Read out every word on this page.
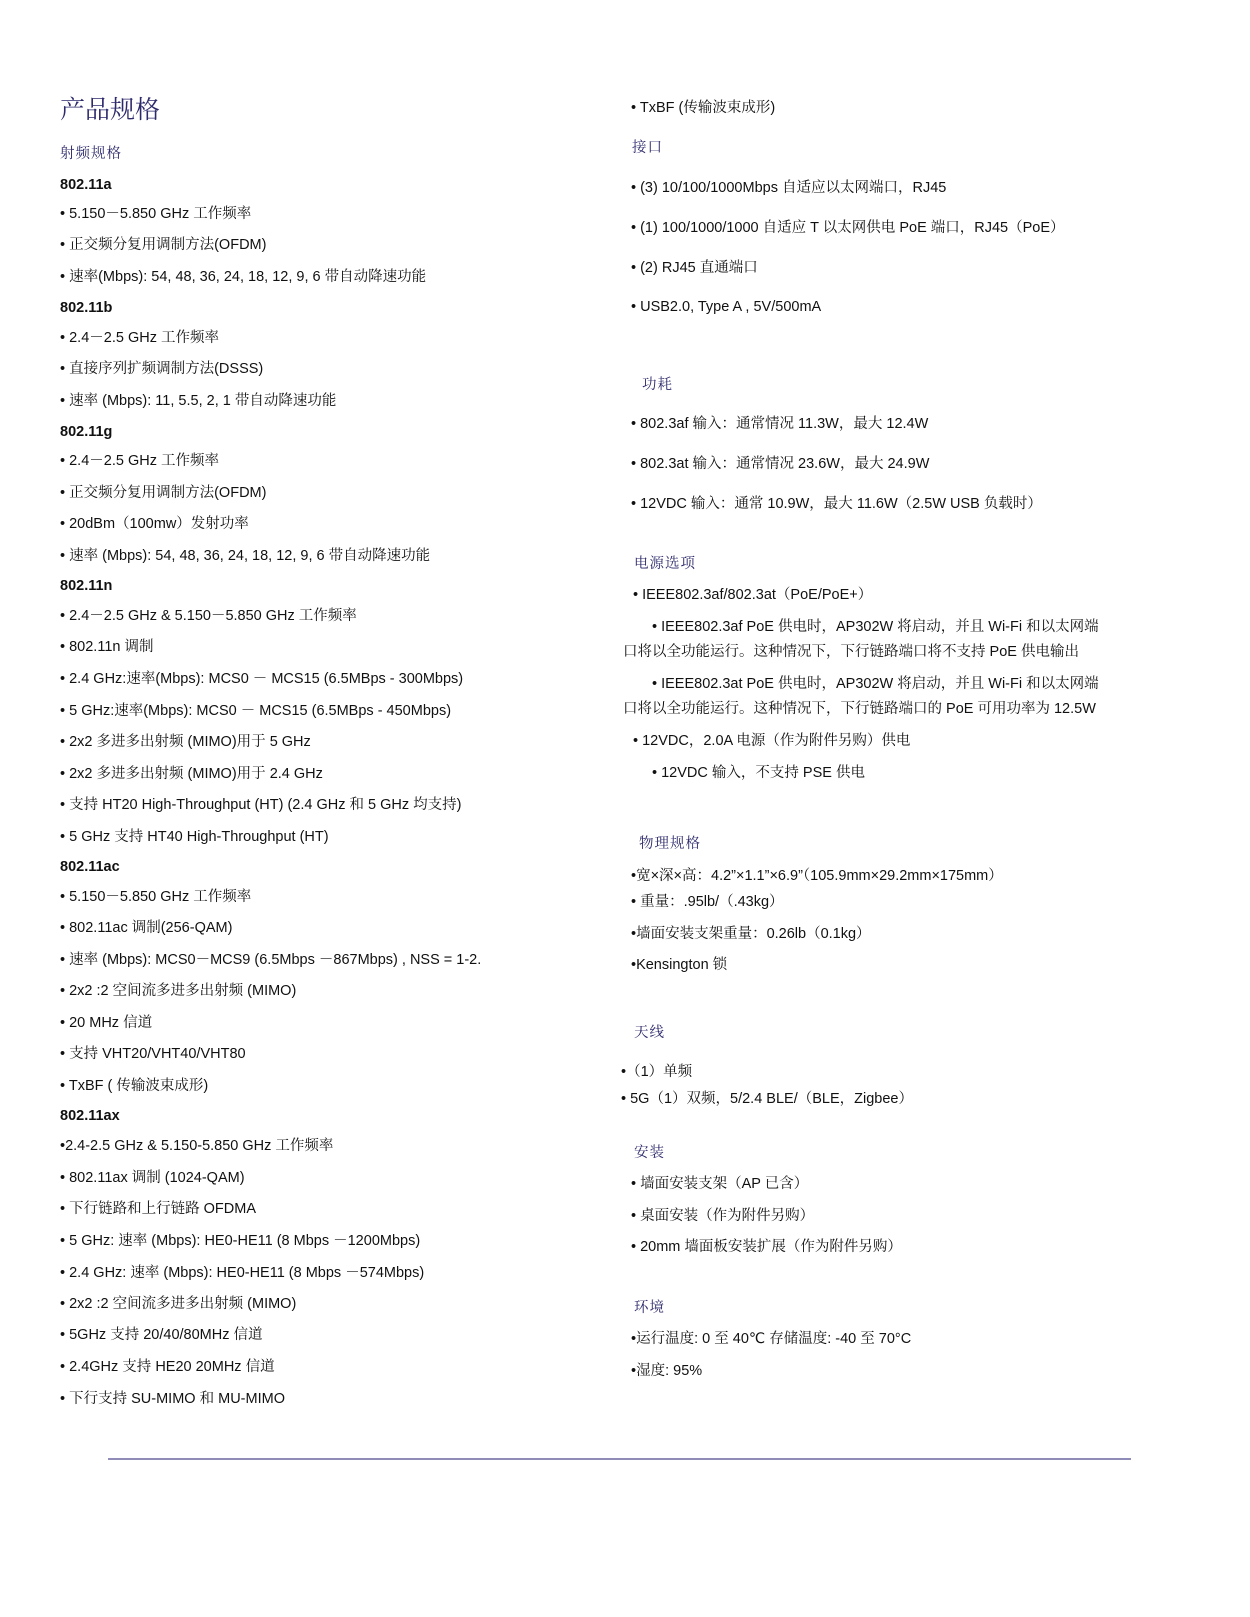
产品规格
射频规格
802.11a
• 5.150－5.850 GHz 工作频率
• 正交频分复用调制方法(OFDM)
• 速率(Mbps): 54, 48, 36, 24, 18, 12, 9, 6 带自动降速功能
802.11b
• 2.4－2.5 GHz 工作频率
• 直接序列扩频调制方法(DSSS)
• 速率 (Mbps): 11, 5.5, 2, 1 带自动降速功能
802.11g
• 2.4－2.5 GHz 工作频率
• 正交频分复用调制方法(OFDM)
• 20dBm（100mw）发射功率
• 速率 (Mbps): 54, 48, 36, 24, 18, 12, 9, 6 带自动降速功能
802.11n
• 2.4－2.5 GHz & 5.150－5.850 GHz 工作频率
• 802.11n 调制
• 2.4 GHz:速率(Mbps): MCS0 － MCS15 (6.5MBps - 300Mbps)
• 5 GHz:速率(Mbps): MCS0 － MCS15 (6.5MBps - 450Mbps)
• 2x2 多进多出射频 (MIMO)用于 5 GHz
• 2x2 多进多出射频 (MIMO)用于 2.4 GHz
• 支持 HT20 High-Throughput (HT) (2.4 GHz 和 5 GHz 均支持)
• 5 GHz 支持 HT40 High-Throughput (HT)
802.11ac
• 5.150－5.850 GHz 工作频率
• 802.11ac 调制(256-QAM)
• 速率 (Mbps): MCS0－MCS9 (6.5Mbps －867Mbps) , NSS = 1-2.
• 2x2 :2 空间流多进多出射频 (MIMO)
• 20 MHz 信道
• 支持 VHT20/VHT40/VHT80
• TxBF ( 传输波束成形)
802.11ax
•2.4-2.5 GHz & 5.150-5.850 GHz 工作频率
• 802.11ax 调制 (1024-QAM)
• 下行链路和上行链路 OFDMA
• 5 GHz: 速率 (Mbps): HE0-HE11 (8 Mbps －1200Mbps)
• 2.4 GHz: 速率 (Mbps): HE0-HE11 (8 Mbps －574Mbps)
• 2x2 :2 空间流多进多出射频 (MIMO)
• 5GHz 支持 20/40/80MHz 信道
• 2.4GHz 支持 HE20 20MHz 信道
• 下行支持 SU-MIMO 和 MU-MIMO
• TxBF (传输波束成形)
接口
• (3) 10/100/1000Mbps 自适应以太网端口，RJ45
• (1) 100/1000/1000 自适应 T 以太网供电 PoE 端口，RJ45（PoE）
• (2) RJ45 直通端口
• USB2.0, Type A , 5V/500mA
功耗
• 802.3af 输入：通常情况 11.3W，最大 12.4W
• 802.3at 输入：通常情况 23.6W，最大 24.9W
• 12VDC 输入：通常 10.9W，最大 11.6W（2.5W USB 负载时）
电源选项
• IEEE802.3af/802.3at（PoE/PoE+）
• IEEE802.3af PoE 供电时，AP302W 将启动，并且 Wi-Fi 和以太网端
口将以全功能运行。这种情况下，下行链路端口将不支持 PoE 供电输出
• IEEE802.3at PoE 供电时，AP302W 将启动，并且 Wi-Fi 和以太网端
口将以全功能运行。这种情况下，下行链路端口的 PoE 可用功率为 12.5W
• 12VDC，2.0A 电源（作为附件另购）供电
• 12VDC 输入，不支持 PSE 供电
物理规格
•宽×深×高：4.2”×1.1”×6.9”（105.9mm×29.2mm×175mm）
• 重量：.95lb/（.43kg）
•墙面安装支架重量：0.26lb（0.1kg）
•Kensington 锁
天线
•（1）单频
• 5G（1）双频，5/2.4 BLE/（BLE，Zigbee）
安装
• 墙面安装支架（AP 已含）
• 桌面安装（作为附件另购）
• 20mm 墙面板安装扩展（作为附件另购）
环境
•运行温度: 0 至 40℃ 存储温度: -40 至 70°C
•湿度: 95%
